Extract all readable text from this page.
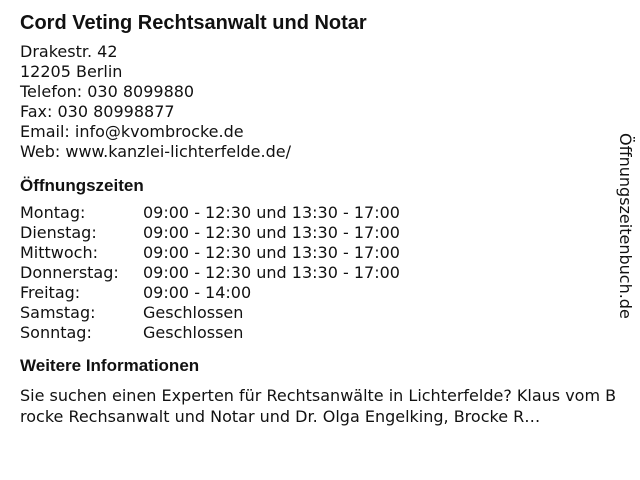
Cord Veting Rechtsanwalt und Notar
Drakestr. 42
12205 Berlin
Telefon: 030 8099880
Fax: 030 80998877
Email: info@kvombrocke.de
Web: www.kanzlei-lichterfelde.de/
Öffnungszeiten
Montag:	09:00 - 12:30 und 13:30 - 17:00
Dienstag:	09:00 - 12:30 und 13:30 - 17:00
Mittwoch:	09:00 - 12:30 und 13:30 - 17:00
Donnerstag:	09:00 - 12:30 und 13:30 - 17:00
Freitag:	09:00 - 14:00
Samstag:	Geschlossen
Sonntag:	Geschlossen
Weitere Informationen
Sie suchen einen Experten für Rechtsanwälte in Lichterfelde? Klaus vom Brocke Rechsanwalt und Notar und Dr. Olga Engelking, Brocke R…
Öffnungszeitenbuch.de
